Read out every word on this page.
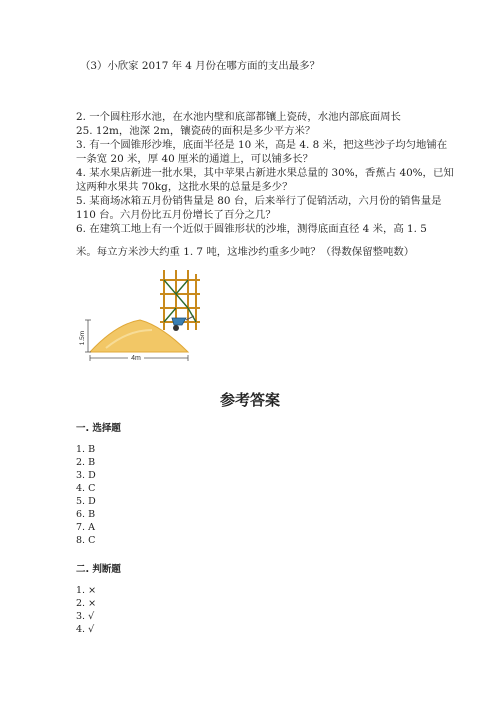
（3）小欣家 2017 年 4 月份在哪方面的支出最多？
2. 一个圆柱形水池，在水池内壁和底部都镶上瓷砖，水池内部底面周长
25. 12m，池深 2m，镶瓷砖的面积是多少平方米？
3. 有一个圆锥形沙堆，底面半径是 10 米，高是 4. 8 米，把这些沙子均匀地铺在
一条宽 20 米，厚 40 厘米的通道上，可以铺多长？
4. 某水果店新进一批水果，其中苹果占新进水果总量的 30%，香蕉占 40%，已知
这两种水果共 70kg，这批水果的总量是多少？
5. 某商场冰箱五月份销售量是 80 台，后来举行了促销活动，六月份的销售量是
110 台。六月份比五月份增长了百分之几？
6. 在建筑工地上有一个近似于圆锥形状的沙堆，测得底面直径 4 米，高 1. 5
米。每立方米沙大约重 1. 7 吨，这堆沙约重多少吨？（得数保留整吨数）
1.5m
4m
参考答案
一. 选择题
1. B
2. B
3. D
4. C
5. D
6. B
7. A
8. C
二. 判断题
1. ×
2. ×
3. √
4. √
